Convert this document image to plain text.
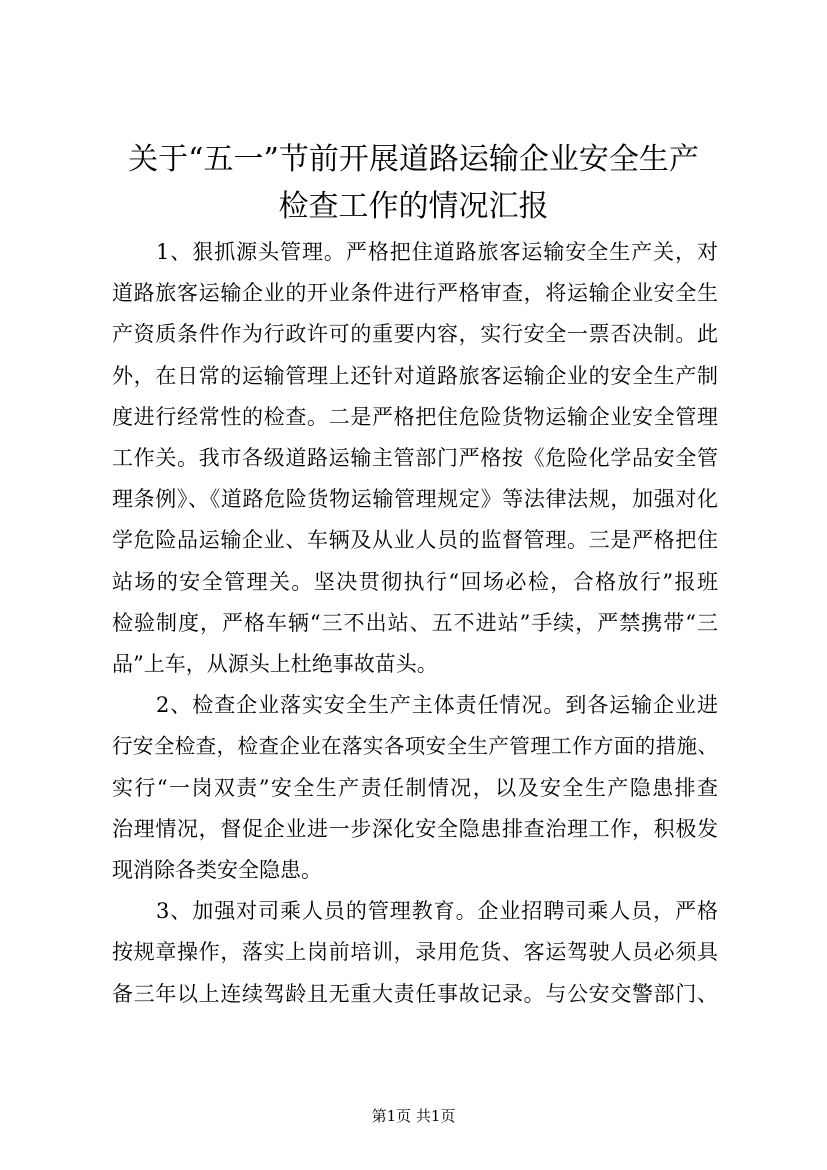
关于“五一”节前开展道路运输企业安全生产
检查工作的情况汇报
1、狠抓源头管理。严格把住道路旅客运输安全生产关，对
道路旅客运输企业的开业条件进行严格审查，将运输企业安全生
产资质条件作为行政许可的重要内容，实行安全一票否决制。此
外，在日常的运输管理上还针对道路旅客运输企业的安全生产制
度进行经常性的检查。二是严格把住危险货物运输企业安全管理
工作关。我市各级道路运输主管部门严格按《危险化学品安全管
理条例》、《道路危险货物运输管理规定》等法律法规，加强对化
学危险品运输企业、车辆及从业人员的监督管理。三是严格把住
站场的安全管理关。坚决贯彻执行“回场必检，合格放行”报班
检验制度，严格车辆“三不出站、五不进站”手续，严禁携带“三
品”上车，从源头上杜绝事故苗头。
2、检查企业落实安全生产主体责任情况。到各运输企业进
行安全检查，检查企业在落实各项安全生产管理工作方面的措施、
实行“一岗双责”安全生产责任制情况，以及安全生产隐患排查
治理情况，督促企业进一步深化安全隐患排查治理工作，积极发
现消除各类安全隐患。
3、加强对司乘人员的管理教育。企业招聘司乘人员，严格
按规章操作，落实上岗前培训，录用危货、客运驾驶人员必须具
备三年以上连续驾龄且无重大责任事故记录。与公安交警部门、
第1页 共1页
